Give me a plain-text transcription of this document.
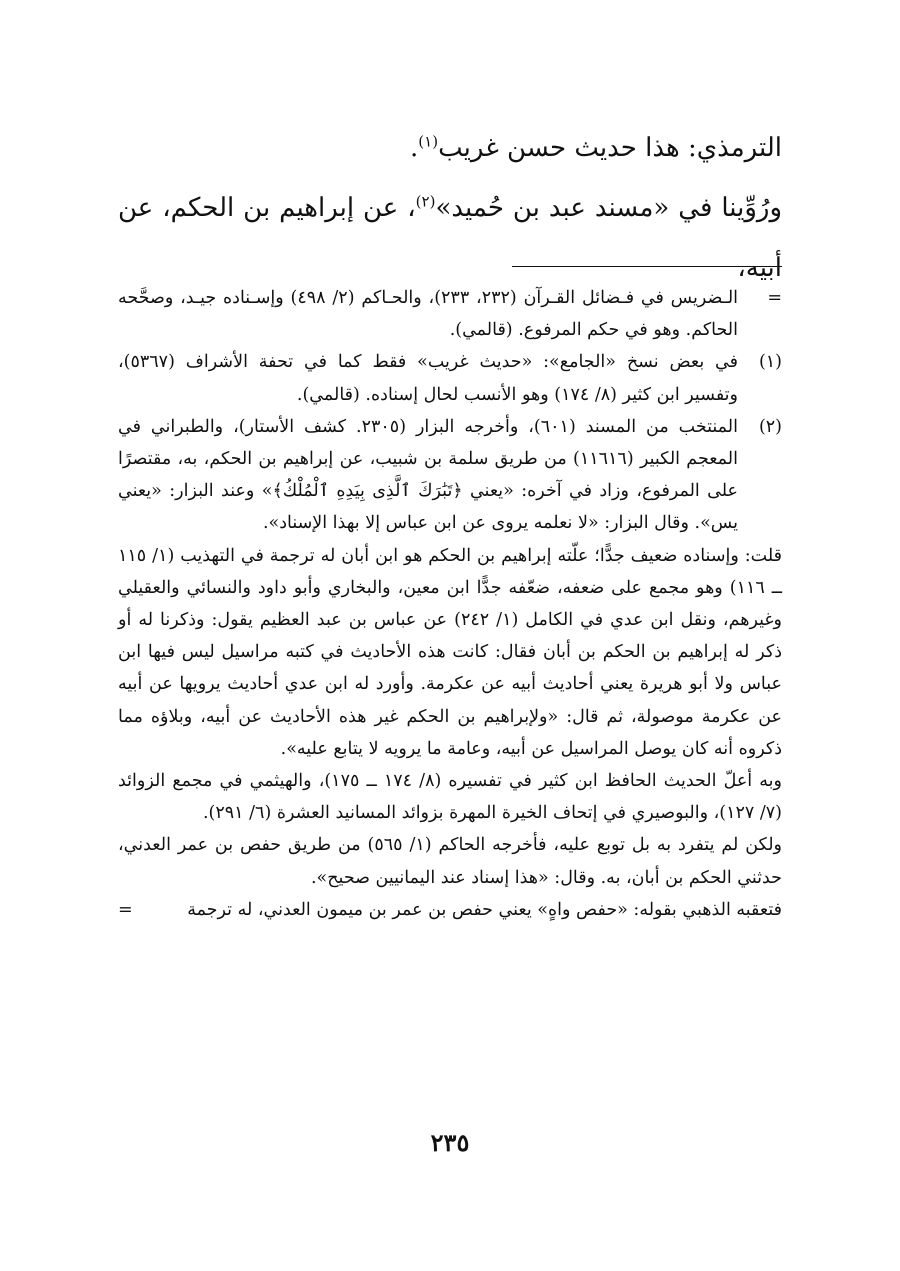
الترمذي: هذا حديث حسن غريب$^{(١)}$.

ورُوِّينا في «مسند عبد بن حُميد»$^{(٢)}$، عن إبراهيم بن الحكم، عن أبيه،

=
الـضريس في فـضائل القـرآن (٢٣٢، ٢٣٣)، والحـاكم (٢/ ٤٩٨) وإسـناده جيـد، وصحَّحه الحاكم. وهو في حكم المرفوع. (قالمي).
(١)
في بعض نسخ «الجامع»: «حديث غريب» فقط كما في تحفة الأشراف (٥٣٦٧)، وتفسير ابن كثير (٨/ ١٧٤) وهو الأنسب لحال إسناده. (قالمي).
(٢)

المنتخب من المسند (٦٠١)، وأخرجه البزار (٢٣٠٥. كشف الأستار)، والطبراني في المعجم الكبير (١١٦١٦) من طريق سلمة بن شبيب، عن إبراهيم بن الحكم، به، مقتصرًا على المرفوع، وزاد في آخره: «يعني ﴿تَبَٰرَكَ ٱلَّذِى بِيَدِهِ ٱلْمُلْكُ﴾» وعند البزار: «يعني يس». وقال البزار: «لا نعلمه يروى عن ابن عباس إلا بهذا الإسناد».

قلت: وإسناده ضعيف جدًّا؛ علّته إبراهيم بن الحكم هو ابن أبان له ترجمة في التهذيب (١/ ١١٥ ــ ١١٦) وهو مجمع على ضعفه، ضعّفه جدًّا ابن معين، والبخاري وأبو داود والنسائي والعقيلي وغيرهم، ونقل ابن عدي في الكامل (١/ ٢٤٢) عن عباس بن عبد العظيم يقول: وذكرنا له أو ذكر له إبراهيم بن الحكم بن أبان فقال: كانت هذه الأحاديث في كتبه مراسيل ليس فيها ابن عباس ولا أبو هريرة يعني أحاديث أبيه عن عكرمة. وأورد له ابن عدي أحاديث يرويها عن أبيه عن عكرمة موصولة، ثم قال: «ولإبراهيم بن الحكم غير هذه الأحاديث عن أبيه، وبلاؤه مما ذكروه أنه كان يوصل المراسيل عن أبيه، وعامة ما يرويه لا يتابع عليه».

وبه أعلّ الحديث الحافظ ابن كثير في تفسيره (٨/ ١٧٤ ــ ١٧٥)، والهيثمي في مجمع الزوائد (٧/ ١٢٧)، والبوصيري في إتحاف الخيرة المهرة بزوائد المسانيد العشرة (٦/ ٢٩١).

ولكن لم يتفرد به بل توبع عليه، فأخرجه الحاكم (١/ ٥٦٥) من طريق حفص بن عمر العدني، حدثني الحكم بن أبان، به. وقال: «هذا إسناد عند اليمانيين صحيح».

فتعقبه الذهبي بقوله: «حفص واهٍ» يعني حفص بن عمر بن ميمون العدني، له ترجمة
=

٢٣٥
